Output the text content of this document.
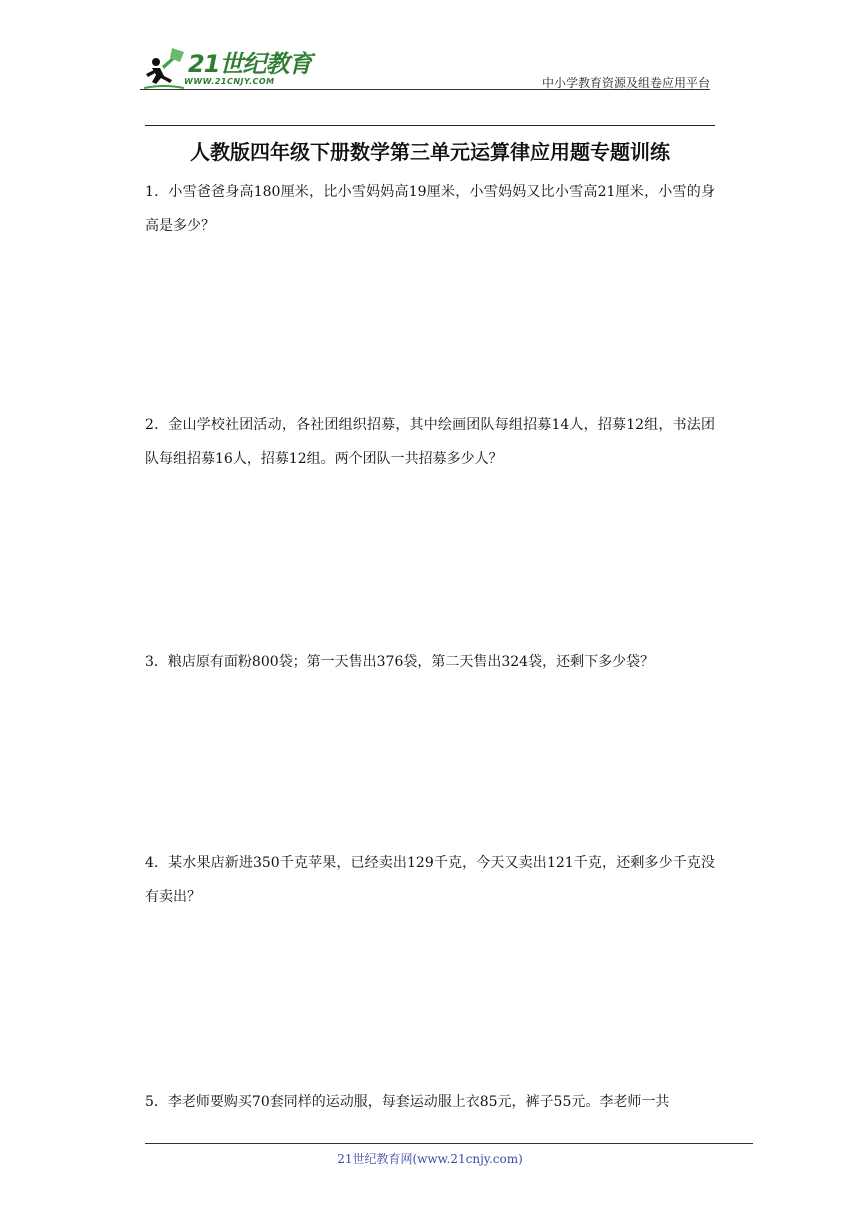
21世纪教育
WWW.21CNJY.COM	中小学教育资源及组卷应用平台
人教版四年级下册数学第三单元运算律应用题专题训练
1．小雪爸爸身高180厘米，比小雪妈妈高19厘米，小雪妈妈又比小雪高21厘米，小雪的身高是多少？
2．金山学校社团活动，各社团组织招募，其中绘画团队每组招募14人，招募12组，书法团队每组招募16人，招募12组。两个团队一共招募多少人？
3．粮店原有面粉800袋；第一天售出376袋，第二天售出324袋，还剩下多少袋？
4．某水果店新进350千克苹果，已经卖出129千克，今天又卖出121千克，还剩多少千克没有卖出？
5．李老师要购买70套同样的运动服，每套运动服上衣85元，裤子55元。李老师一共
21世纪教育网(www.21cnjy.com)
